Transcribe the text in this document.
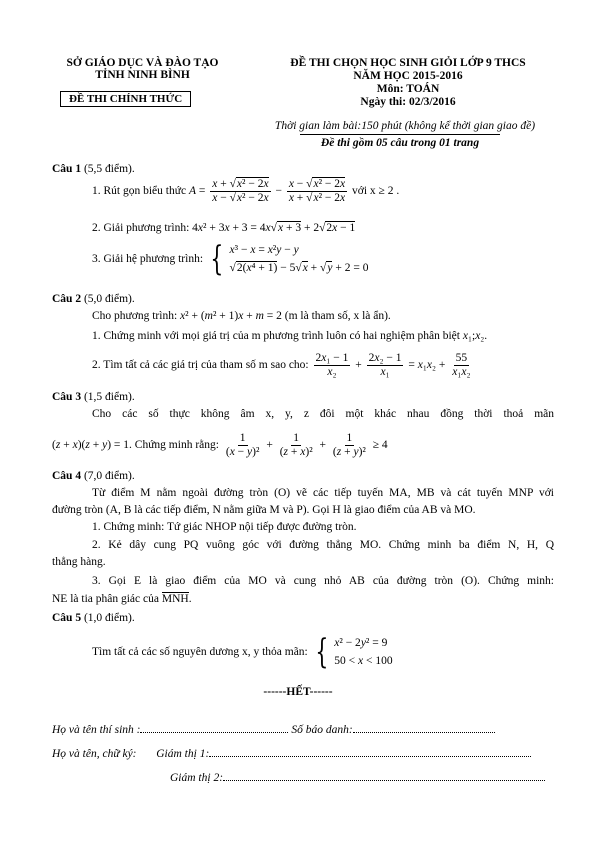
SỞ GIÁO DỤC VÀ ĐÀO TẠO
TỈNH NINH BÌNH
ĐỀ THI CHÍNH THỨC
ĐỀ THI CHỌN HỌC SINH GIỎI LỚP 9 THCS
NĂM HỌC 2015-2016
Môn: TOÁN
Ngày thi: 02/3/2016
Thời gian làm bài:150 phút (không kể thời gian giao đề)
Đề thi gồm 05 câu trong 01 trang
Câu 1 (5,5 điểm).
1. Rút gọn biểu thức $A = \frac{\text{x + √x² − 2x}}{\text{x − √x² − 2x}} - \frac{\text{x − √x² − 2x}}{\text{x + √x² − 2x}}$ với x ≥ 2 .
2. Giải phương trình: 4x² + 3x + 3 = 4x√x + 3 + 2√2x − 1
3. Giải hệ phương trình: { x³ − x = x²y − y
√2(x⁴ + 1) − 5√x + √y + 2 = 0
Câu 2 (5,0 điểm).
Cho phương trình: x² + (m² + 1)x + m = 2 (m là tham số, x là ẩn).
1. Chứng minh với mọi giá trị của m phương trình luôn có hai nghiệm phân biệt x₁;x₂.
2. Tìm tất cả các giá trị của tham số m sao cho: $\frac{\text{2x₁ − 1}}{\text{x₂}} + \frac{\text{2x₂ − 1}}{\text{x₁}} = x_1x_2 + \frac{55}{\text{x₁x₂}}$
Câu 3 (1,5 điểm).
Cho các số thực không âm x, y, z đôi một khác nhau đồng thời thoả mãn
(z + x)(z + y) = 1. Chứng minh rằng: $\frac{1}{\text{(x − y)²}} + \frac{1}{\text{(z + x)²}} + \frac{1}{\text{(z + y)²}} \ge 4$
Câu 4 (7,0 điểm).
Từ điểm M nằm ngoài đường tròn (O) vẽ các tiếp tuyến MA, MB và cát tuyến MNP với
đường tròn (A, B là các tiếp điểm, N nằm giữa M và P). Gọi H là giao điểm của AB và MO.
1. Chứng minh: Tứ giác NHOP nội tiếp được đường tròn.
2. Kẻ dây cung PQ vuông góc với đường thẳng MO. Chứng minh ba điểm N, H, Q
thẳng hàng.
3. Gọi E là giao điểm của MO và cung nhỏ AB của đường tròn (O). Chứng minh:
NE là tia phân giác của MNH.
Câu 5 (1,0 điểm).
Tìm tất cả các số nguyên dương x, y thỏa mãn: { x² − 2y² = 9
50 < x < 100
------HẾT------
Họ và tên thí sinh :	Số báo danh:
Họ và tên, chữ ký: Giám thị 1:
Giám thị 2:
